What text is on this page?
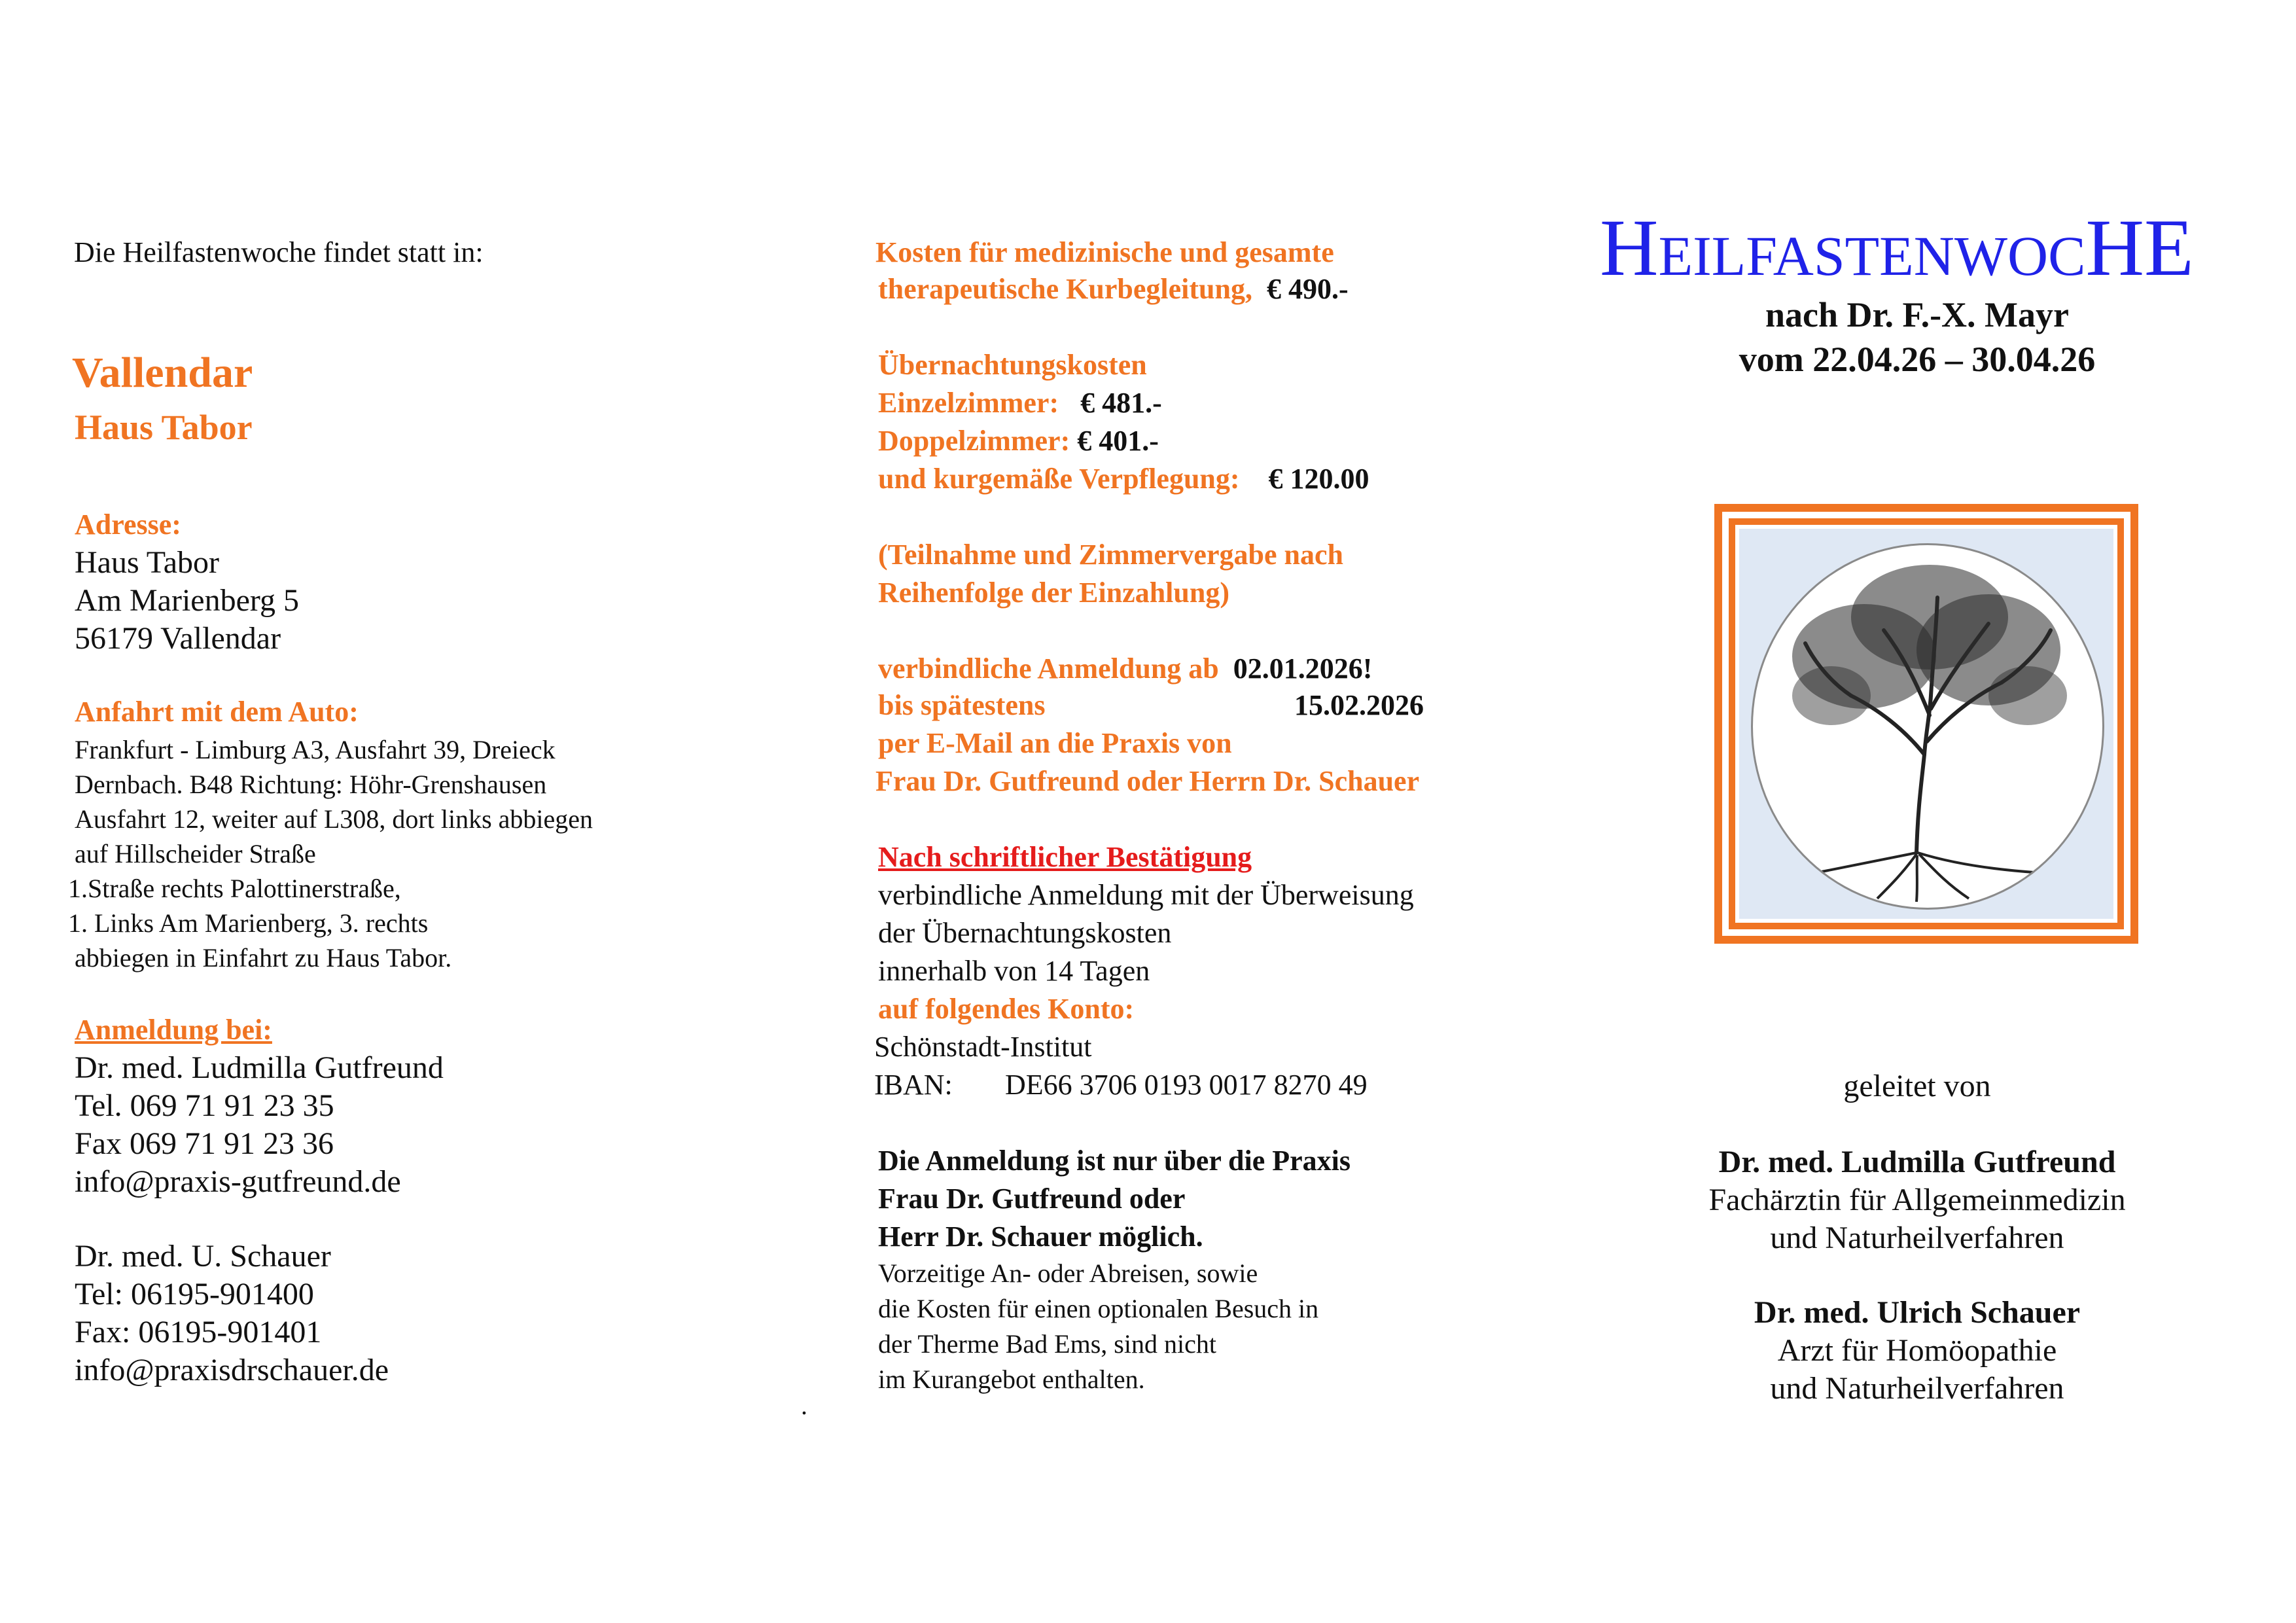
Die Heilfastenwoche findet statt in:
Vallendar
Haus Tabor
Adresse:
Haus Tabor
Am Marienberg 5
56179 Vallendar
Anfahrt mit dem Auto:
Frankfurt - Limburg A3, Ausfahrt 39, Dreieck
Dernbach. B48 Richtung: Höhr-Grenshausen
Ausfahrt 12, weiter auf L308, dort links abbiegen
auf Hillscheider Straße
1.Straße rechts Palottinerstraße,
1. Links Am Marienberg, 3. rechts
abbiegen in Einfahrt zu Haus Tabor.
Anmeldung bei:
Dr. med. Ludmilla Gutfreund
Tel. 069 71 91 23 35
Fax 069 71 91 23 36
info@praxis-gutfreund.de
Dr. med. U. Schauer
Tel: 06195-901400
Fax: 06195-901401
info@praxisdrschauer.de
Kosten für medizinische und gesamte
therapeutische Kurbegleitung, € 490.-
Übernachtungskosten
Einzelzimmer: € 481.-
Doppelzimmer: € 401.-
und kurgemäße Verpflegung: € 120.00
(Teilnahme und Zimmervergabe nach
Reihenfolge der Einzahlung)
verbindliche Anmeldung ab 02.01.2026!
bis spätestens	15.02.2026
per E-Mail an die Praxis von
Frau Dr. Gutfreund oder Herrn Dr. Schauer
Nach schriftlicher Bestätigung
verbindliche Anmeldung mit der Überweisung
der Übernachtungskosten
innerhalb von 14 Tagen
auf folgendes Konto:
Schönstadt-Institut
IBAN: DE66 3706 0193 0017 8270 49
Die Anmeldung ist nur über die Praxis
Frau Dr. Gutfreund oder
Herr Dr. Schauer möglich.
Vorzeitige An- oder Abreisen, sowie
die Kosten für einen optionalen Besuch in
der Therme Bad Ems, sind nicht
im Kurangebot enthalten.
.
HEILFASTENWOCHE
nach Dr. F.-X. Mayr
vom 22.04.26 – 30.04.26
geleitet von
Dr. med. Ludmilla Gutfreund
Fachärztin für Allgemeinmedizin
und Naturheilverfahren
Dr. med. Ulrich Schauer
Arzt für Homöopathie
und Naturheilverfahren
